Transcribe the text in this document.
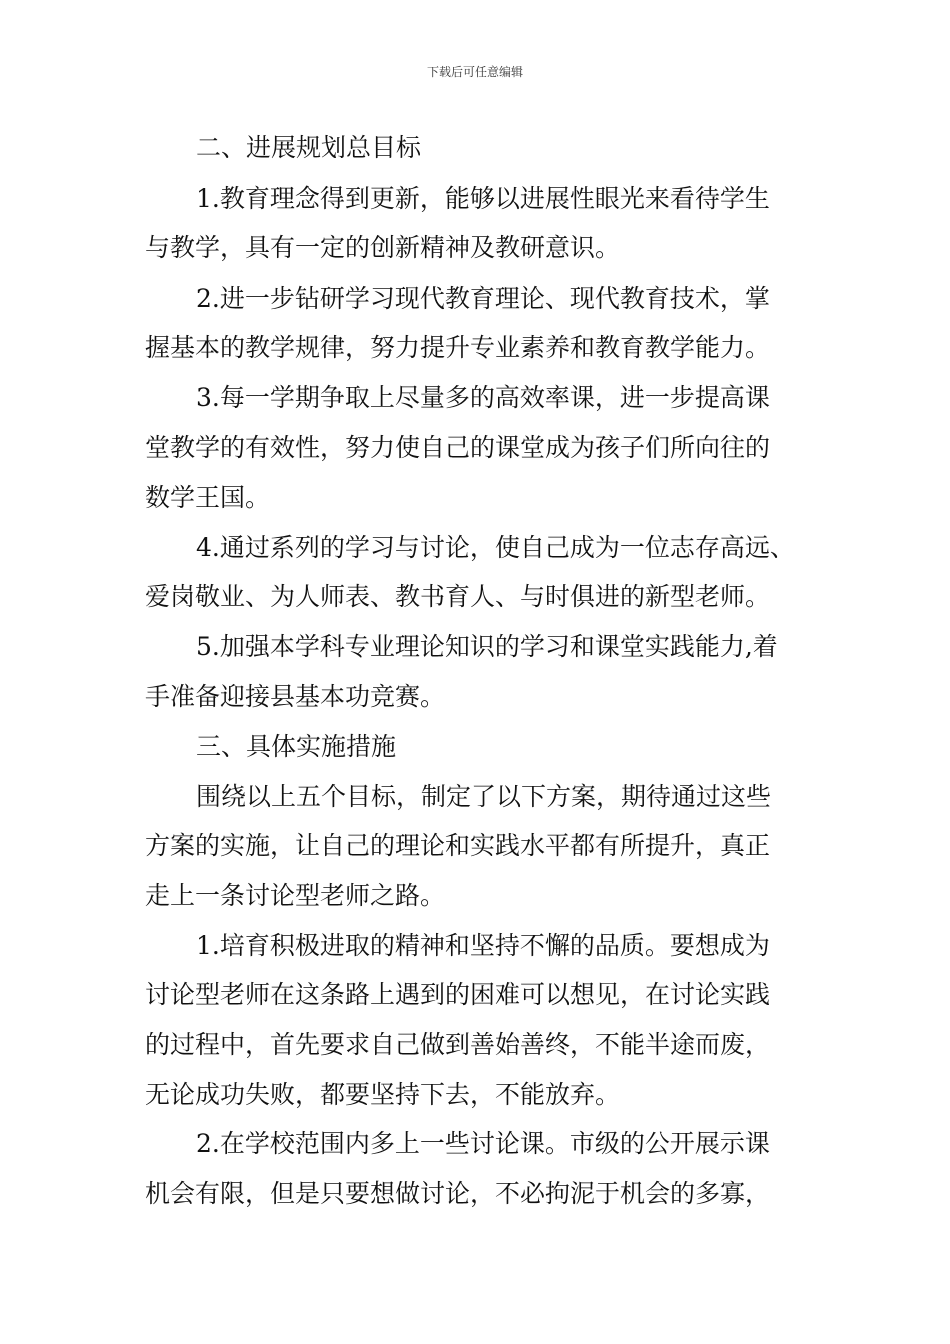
下载后可任意编辑
二、进展规划总目标
1.教育理念得到更新，能够以进展性眼光来看待学生
与教学，具有一定的创新精神及教研意识。
2.进一步钻研学习现代教育理论、现代教育技术，掌
握基本的教学规律，努力提升专业素养和教育教学能力。
3.每一学期争取上尽量多的高效率课，进一步提高课
堂教学的有效性，努力使自己的课堂成为孩子们所向往的
数学王国。
4.通过系列的学习与讨论，使自己成为一位志存高远、
爱岗敬业、为人师表、教书育人、与时俱进的新型老师。
5.加强本学科专业理论知识的学习和课堂实践能力,着
手准备迎接县基本功竞赛。
三、具体实施措施
围绕以上五个目标，制定了以下方案，期待通过这些
方案的实施，让自己的理论和实践水平都有所提升，真正
走上一条讨论型老师之路。
1.培育积极进取的精神和坚持不懈的品质。要想成为
讨论型老师在这条路上遇到的困难可以想见，在讨论实践
的过程中，首先要求自己做到善始善终，不能半途而废，
无论成功失败，都要坚持下去，不能放弃。
2.在学校范围内多上一些讨论课。市级的公开展示课
机会有限，但是只要想做讨论，不必拘泥于机会的多寡，
